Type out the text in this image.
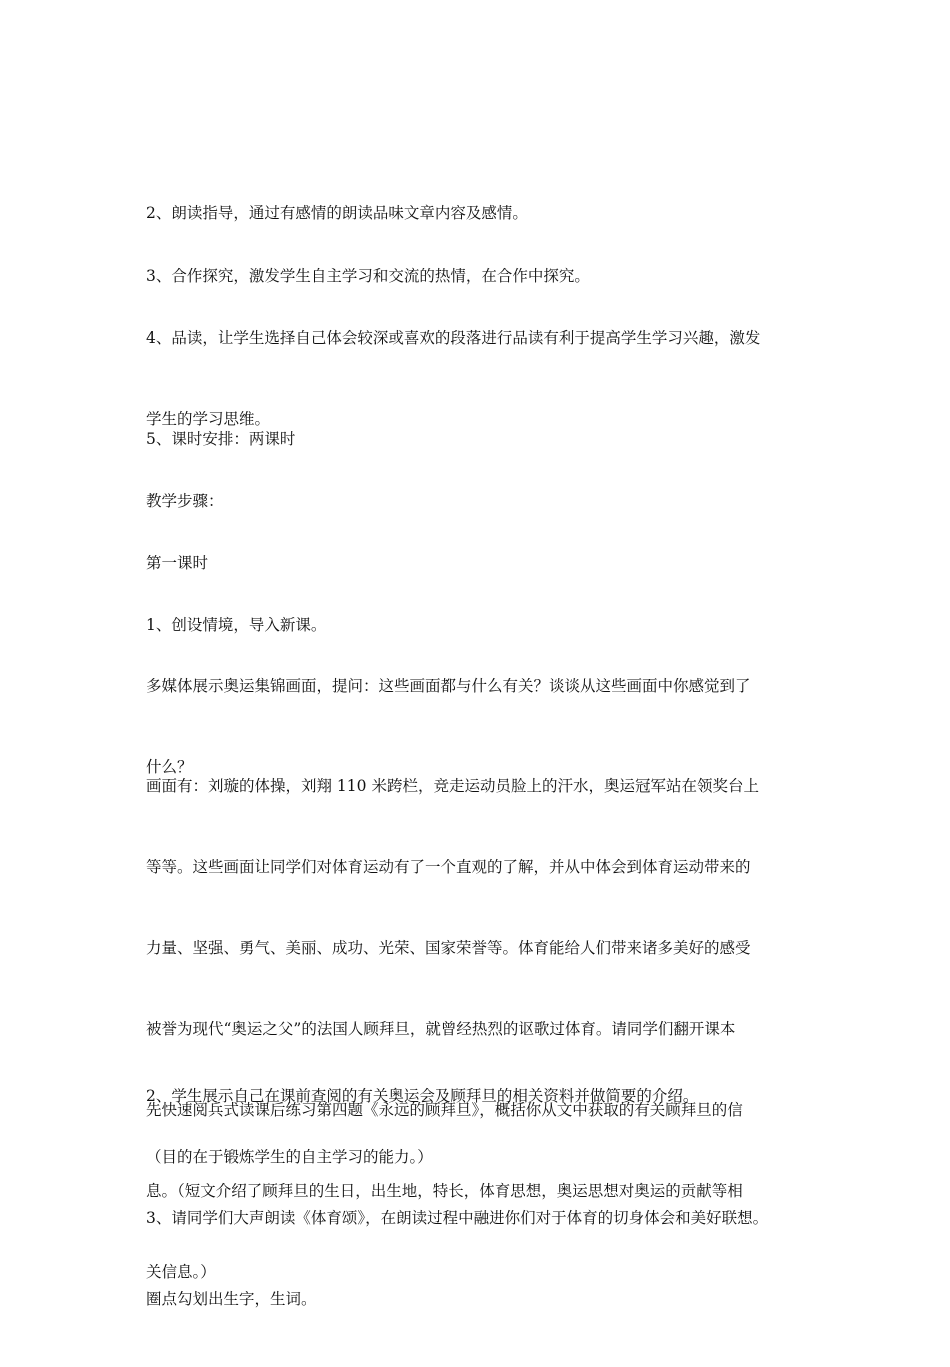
2、朗读指导，通过有感情的朗读品味文章内容及感情。

3、合作探究，激发学生自主学习和交流的热情，在合作中探究。

4、品读，让学生选择自己体会较深或喜欢的段落进行品读有利于提高学生学习兴趣，激发

学生的学习思维。

5、课时安排：两课时

教学步骤：

第一课时

1、创设情境，导入新课。

多媒体展示奥运集锦画面，提问：这些画面都与什么有关？谈谈从这些画面中你感觉到了

什么？

画面有：刘璇的体操，刘翔 110 米跨栏，竞走运动员脸上的汗水，奥运冠军站在领奖台上

等等。这些画面让同学们对体育运动有了一个直观的了解，并从中体会到体育运动带来的

力量、坚强、勇气、美丽、成功、光荣、国家荣誉等。体育能给人们带来诸多美好的感受

被誉为现代“奥运之父”的法国人顾拜旦，就曾经热烈的讴歌过体育。请同学们翻开课本

先快速阅兵式读课后练习第四题《永远的顾拜旦》，概括你从文中获取的有关顾拜旦的信

息。（短文介绍了顾拜旦的生日，出生地，特长，体育思想，奥运思想对奥运的贡献等相

关信息。）

2、学生展示自己在课前查阅的有关奥运会及顾拜旦的相关资料并做简要的介绍。

（目的在于锻炼学生的自主学习的能力。）

3、请同学们大声朗读《体育颂》，在朗读过程中融进你们对于体育的切身体会和美好联想。

圈点勾划出生字，生词。
